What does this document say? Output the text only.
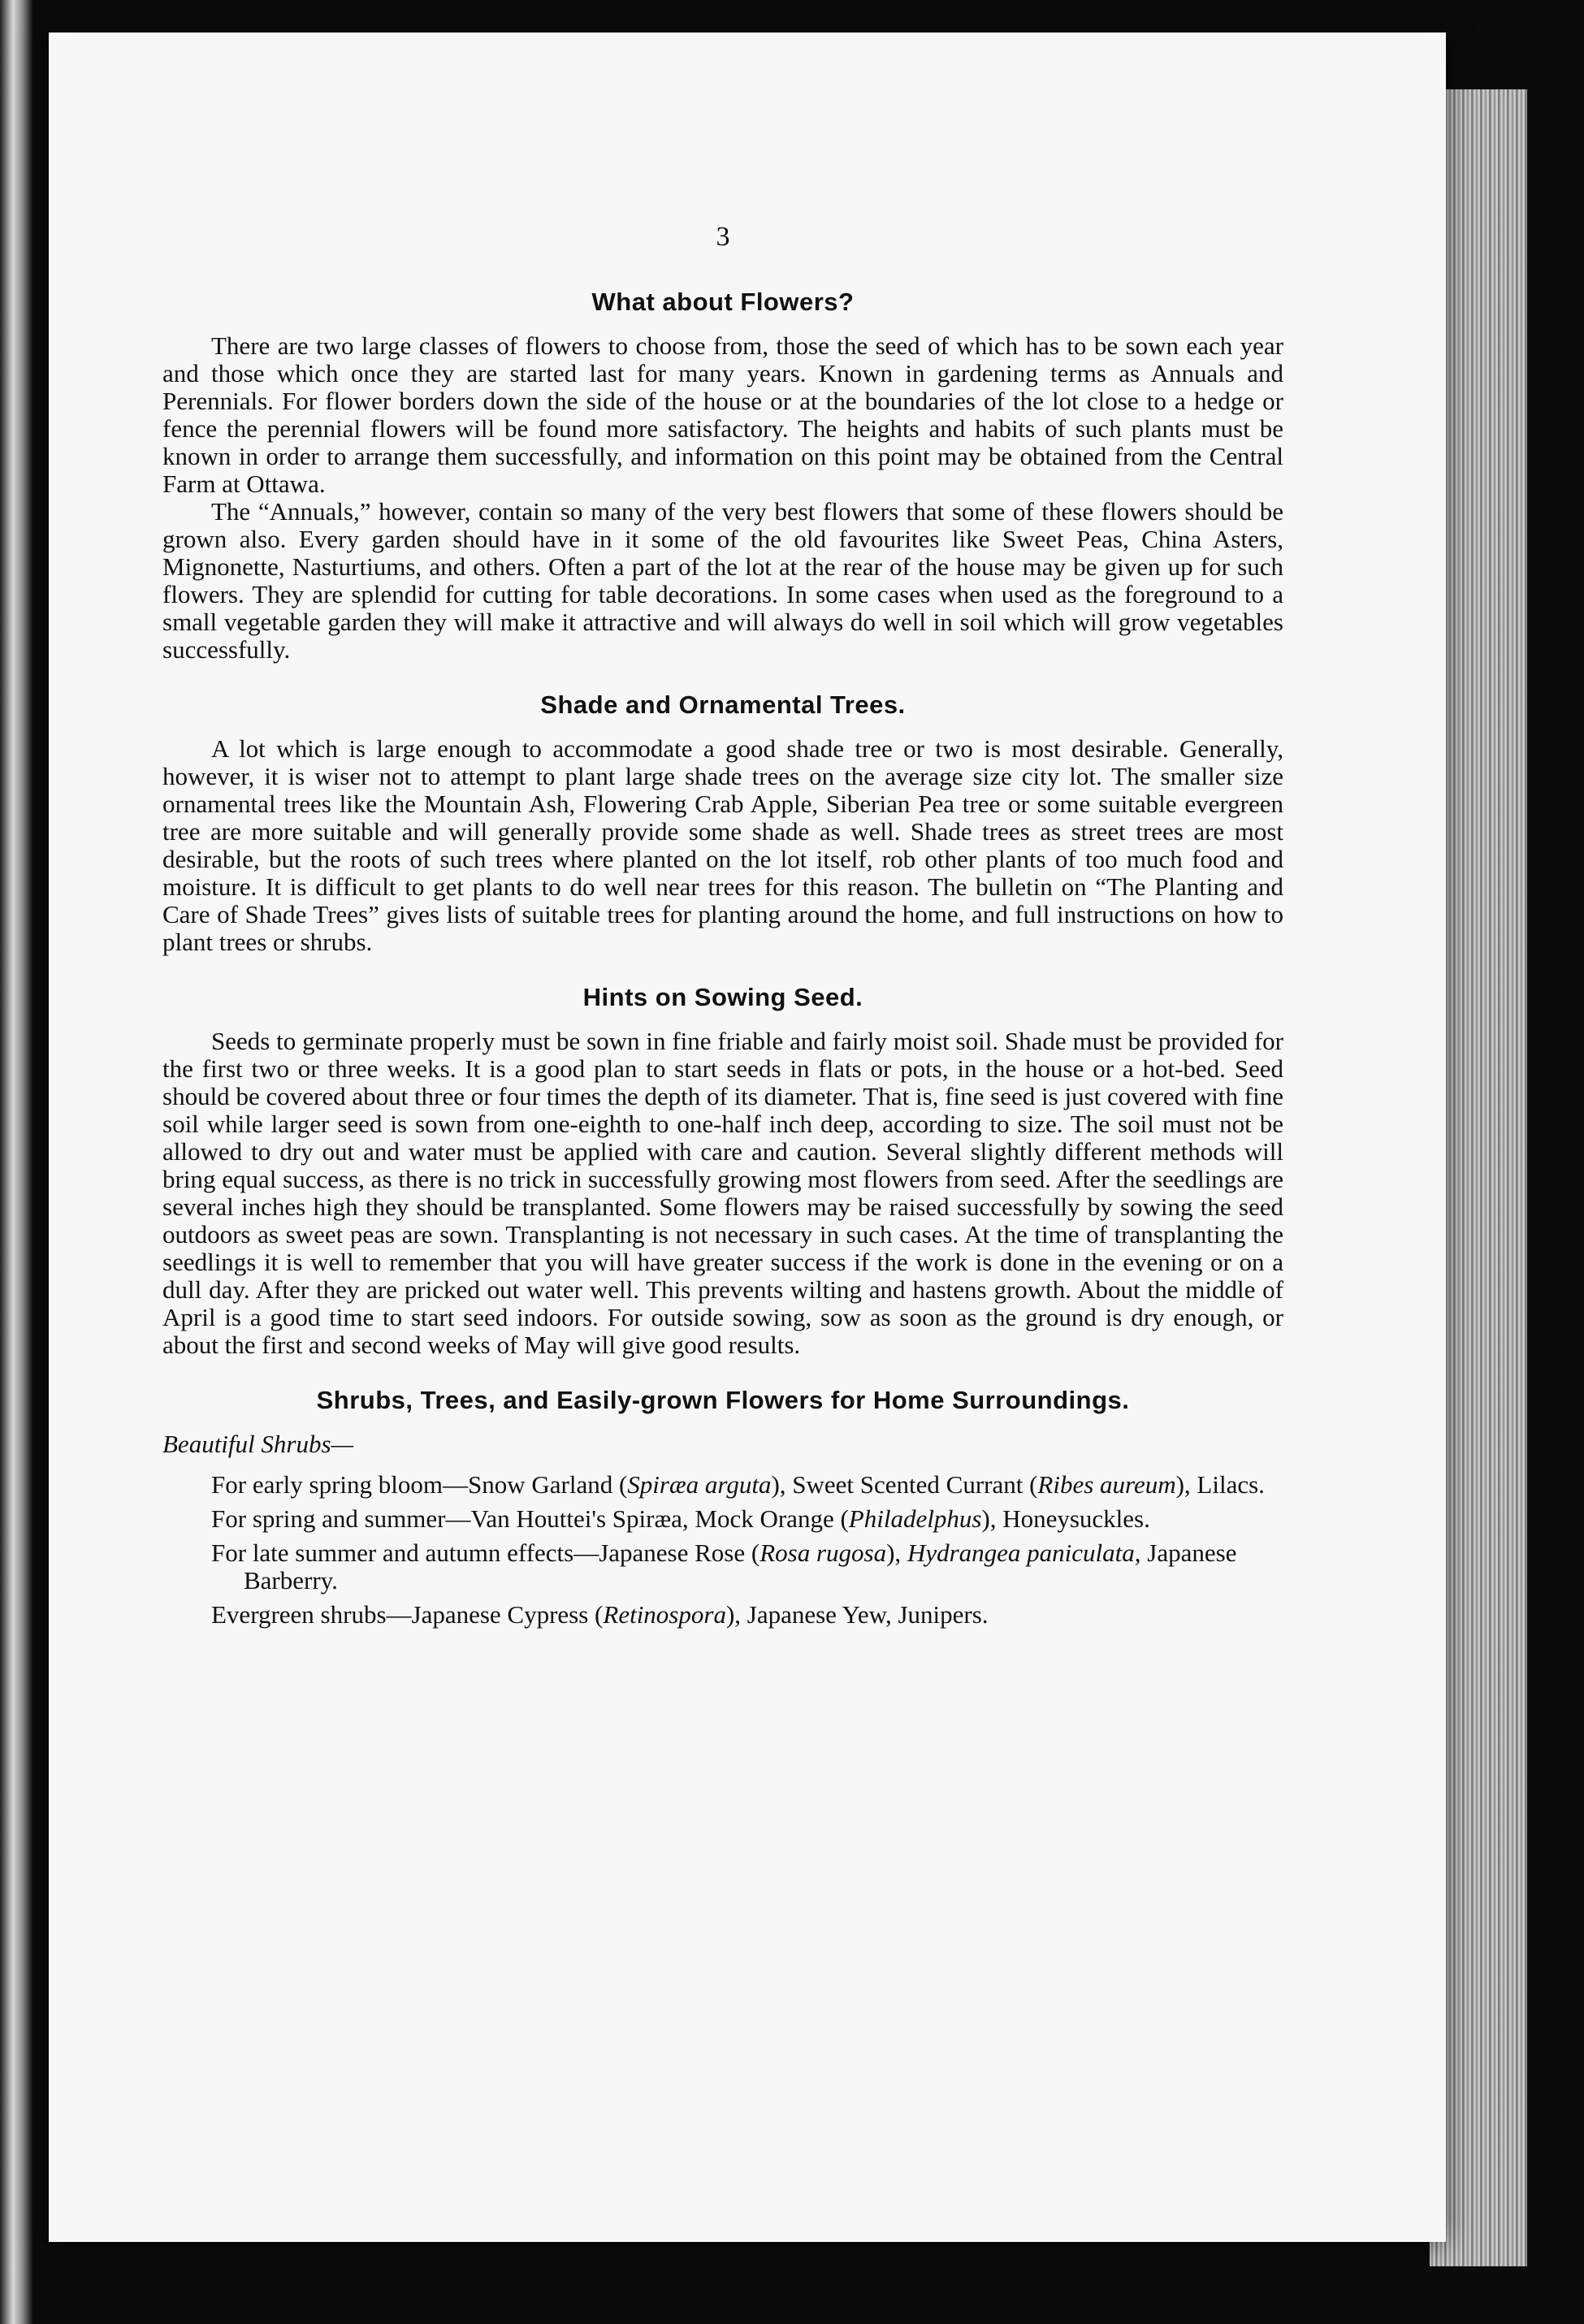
3
What about Flowers?

There are two large classes of flowers to choose from, those the seed of which has to be sown each year and those which once they are started last for many years. Known in gardening terms as Annuals and Perennials. For flower borders down the side of the house or at the boundaries of the lot close to a hedge or fence the perennial flowers will be found more satisfactory. The heights and habits of such plants must be known in order to arrange them successfully, and information on this point may be obtained from the Central Farm at Ottawa.

The “Annuals,” however, contain so many of the very best flowers that some of these flowers should be grown also. Every garden should have in it some of the old favourites like Sweet Peas, China Asters, Mignonette, Nasturtiums, and others. Often a part of the lot at the rear of the house may be given up for such flowers. They are splendid for cutting for table decorations. In some cases when used as the foreground to a small vegetable garden they will make it attractive and will always do well in soil which will grow vegetables successfully.

Shade and Ornamental Trees.

A lot which is large enough to accommodate a good shade tree or two is most desirable. Generally, however, it is wiser not to attempt to plant large shade trees on the average size city lot. The smaller size ornamental trees like the Mountain Ash, Flowering Crab Apple, Siberian Pea tree or some suitable evergreen tree are more suitable and will generally provide some shade as well. Shade trees as street trees are most desirable, but the roots of such trees where planted on the lot itself, rob other plants of too much food and moisture. It is difficult to get plants to do well near trees for this reason. The bulletin on “The Planting and Care of Shade Trees” gives lists of suitable trees for planting around the home, and full instructions on how to plant trees or shrubs.

Hints on Sowing Seed.

Seeds to germinate properly must be sown in fine friable and fairly moist soil. Shade must be provided for the first two or three weeks. It is a good plan to start seeds in flats or pots, in the house or a hot-bed. Seed should be covered about three or four times the depth of its diameter. That is, fine seed is just covered with fine soil while larger seed is sown from one-eighth to one-half inch deep, according to size. The soil must not be allowed to dry out and water must be applied with care and caution. Several slightly different methods will bring equal success, as there is no trick in successfully growing most flowers from seed. After the seedlings are several inches high they should be transplanted. Some flowers may be raised successfully by sowing the seed outdoors as sweet peas are sown. Transplanting is not necessary in such cases. At the time of transplanting the seedlings it is well to remember that you will have greater success if the work is done in the evening or on a dull day. After they are pricked out water well. This prevents wilting and hastens growth. About the middle of April is a good time to start seed indoors. For outside sowing, sow as soon as the ground is dry enough, or about the first and second weeks of May will give good results.

Shrubs, Trees, and Easily-grown Flowers for Home Surroundings.
Beautiful Shrubs—
For early spring bloom—Snow Garland (Spiræa arguta), Sweet Scented Currant (Ribes aureum), Lilacs.
For spring and summer—Van Houttei's Spiræa, Mock Orange (Philadelphus), Honeysuckles.
For late summer and autumn effects—Japanese Rose (Rosa rugosa), Hydrangea paniculata, Japanese Barberry.
Evergreen shrubs—Japanese Cypress (Retinospora), Japanese Yew, Junipers.
